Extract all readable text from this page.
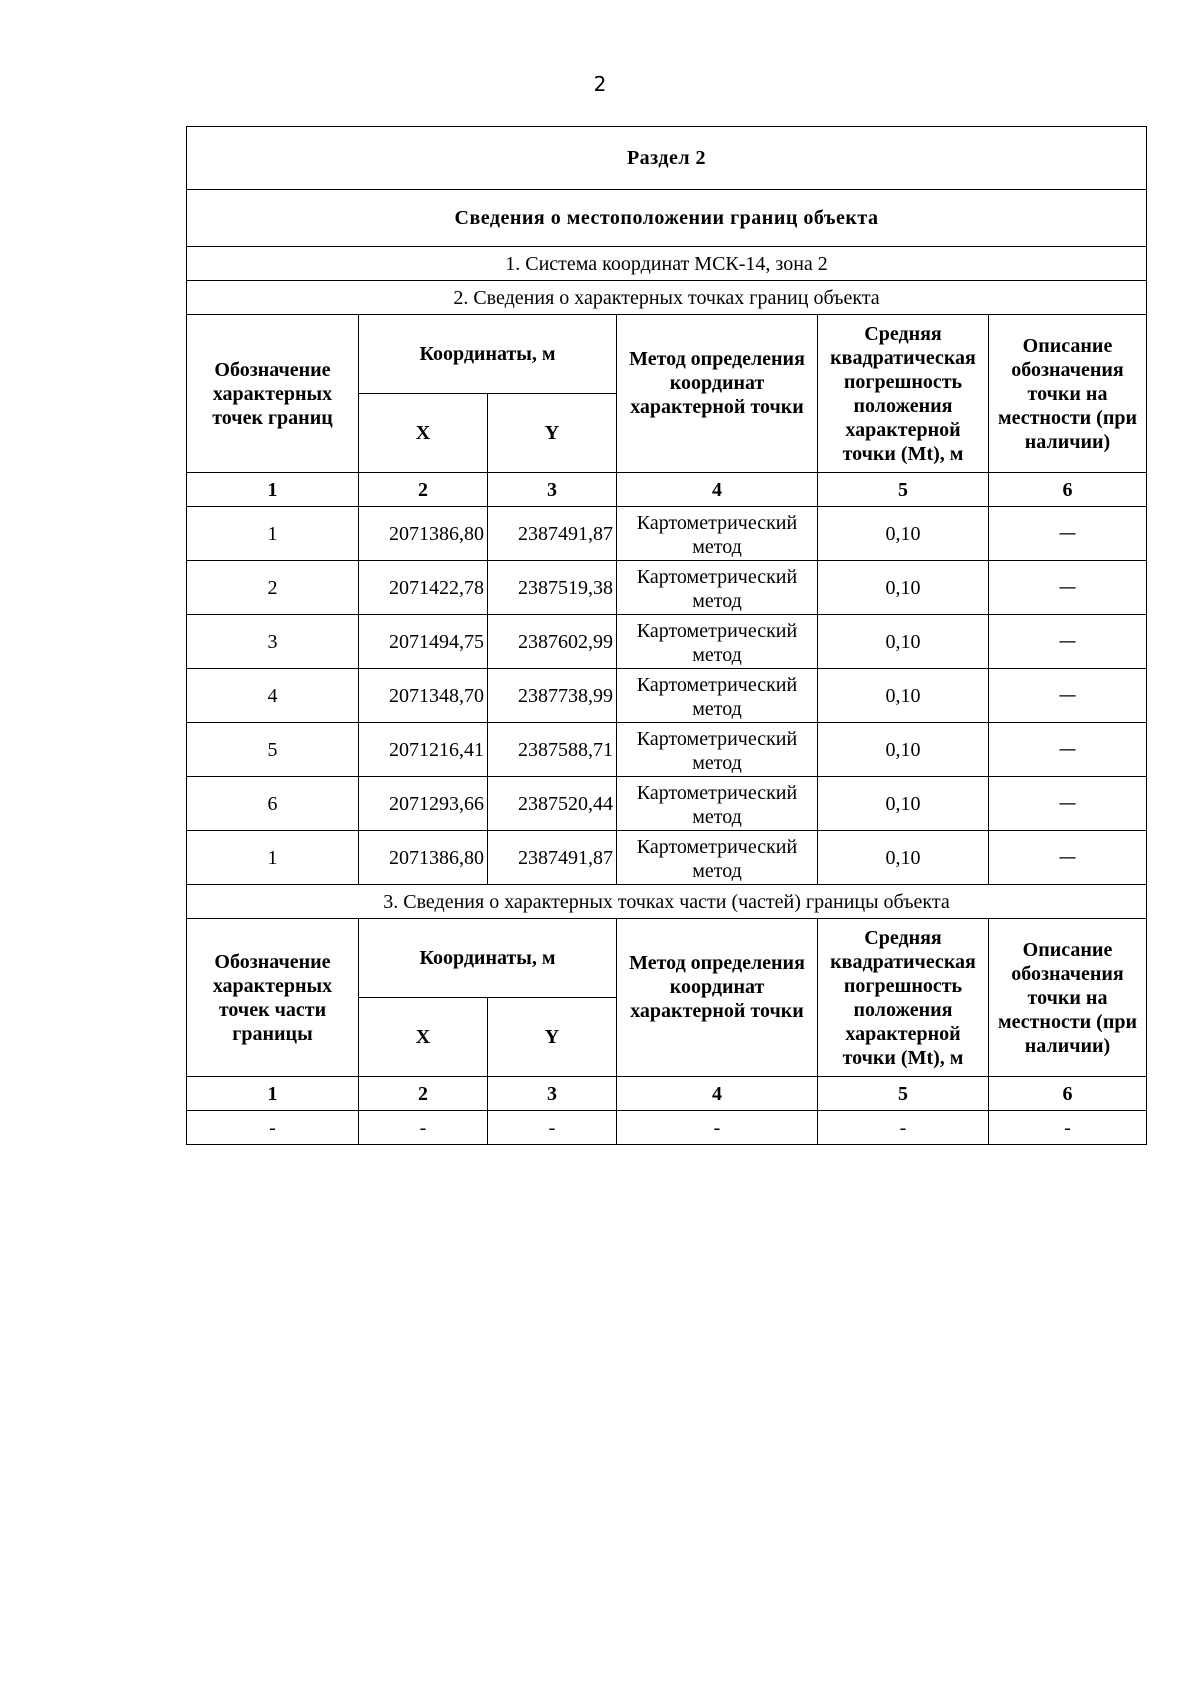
2
Раздел 2					
Сведения о местоположении границ объекта					
1. Система координат МСК-14, зона 2					
2. Сведения о характерных точках границ объекта					
Обозначение характерных точек границ	Координаты, м		Метод определения координат характерной точки	Средняя квадратическая погрешность положения характерной точки (Mt), м	Описание обозначения точки на местности (при наличии)
	X	Y			
1	2	3	4	5	6
1	2071386,80	2387491,87	Картометрический метод	0,10	—
2	2071422,78	2387519,38	Картометрический метод	0,10	—
3	2071494,75	2387602,99	Картометрический метод	0,10	—
4	2071348,70	2387738,99	Картометрический метод	0,10	—
5	2071216,41	2387588,71	Картометрический метод	0,10	—
6	2071293,66	2387520,44	Картометрический метод	0,10	—
1	2071386,80	2387491,87	Картометрический метод	0,10	—
3. Сведения о характерных точках части (частей) границы объекта					
Обозначение характерных точек части границы	Координаты, м		Метод определения координат характерной точки	Средняя квадратическая погрешность положения характерной точки (Mt), м	Описание обозначения точки на местности (при наличии)
	X	Y			
1	2	3	4	5	6
-	-	-	-	-	-
